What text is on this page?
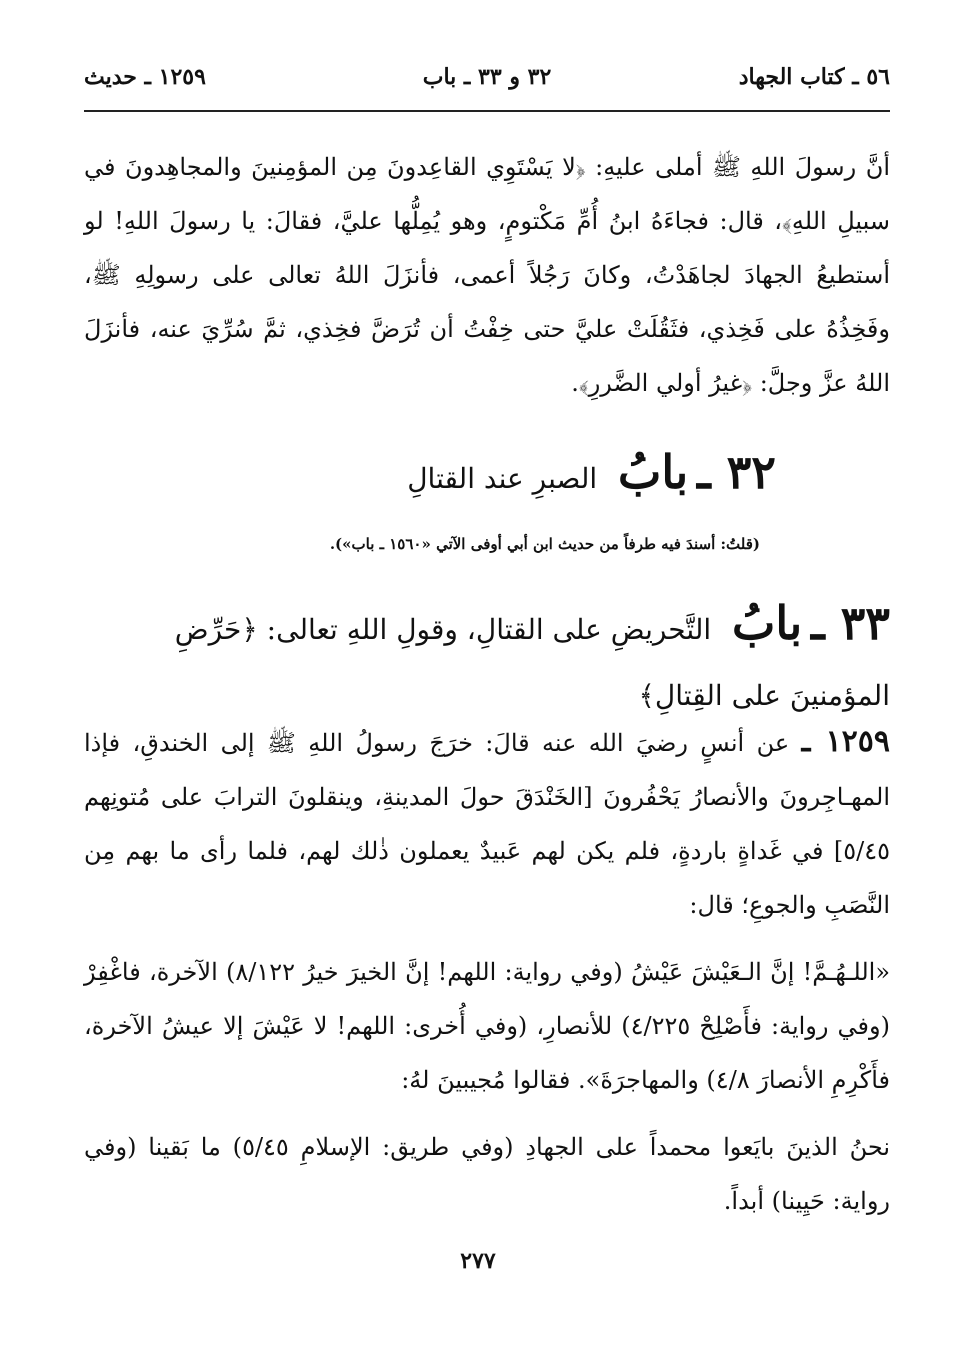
٥٦ ـ كتاب الجهاد
٣٢ و ٣٣ ـ باب
١٢٥٩ ـ حديث
أنَّ رسولَ اللهِ ﷺ أملى عليهِ: ﴿لا يَسْتَوِي القاعِدونَ مِن المؤمِنينَ والمجاهِدونَ في سبيلِ اللهِ﴾، قال: فجاءَهُ ابنُ أُمِّ مَكْتومٍ، وهو يُمِلُّها عليَّ، فقالَ: يا رسولَ اللهِ! لو أستطيعُ الجهادَ لجاهَدْتُ، وكانَ رَجُلاً أعمى، فأنزَلَ اللهُ تعالى على رسولِهِ ﷺ، وفَخِذُهُ على فَخِذي، فثَقُلَتْ عليَّ حتى خِفْتُ أن تُرَضَّ فخِذي، ثمَّ سُرِّيَ عنه، فأنزَلَ اللهُ عزَّ وجلَّ: ﴿غيرُ أولي الضَّررِ﴾.
٣٢ ـ بابُ الصبرِ عند القتالِ
(قلتُ: أسندَ فيه طرفاً من حديث ابن أبي أوفى الآتي «١٥٦٠ ـ باب»).
٣٣ ـ بابُ التَّحريضِ على القتالِ، وقولِ اللهِ تعالى: ﴿حَرِّضِ المؤمنينَ على القِتالِ﴾
١٢٥٩ ـ عن أنسٍ رضيَ الله عنه قالَ: خرَجَ رسولُ اللهِ ﷺ إلى الخندقِ، فإذا المهـاجِرونَ والأنصارُ يَحْفُرونَ [الخَنْدَقَ حولَ المدينةِ، وينقلونَ الترابَ على مُتونِهم ٥/٤٥] في غَداةٍ باردةٍ، فلم يكن لهم عَبيدٌ يعملون ذٰلك لهم، فلما رأى ما بهم مِن النَّصَبِ والجوعِ؛ قال:
«اللـهُـمَّ! إنَّ الـعَيْشَ عَيْشُ (وفي رواية: اللهم! إنَّ الخيرَ خيرُ ٨/١٢٢) الآخرة، فاغْفِرْ (وفي رواية: فأَصْلِحْ ٤/٢٢٥) للأنصارِ، (وفي أُخرى: اللهم! لا عَيْشَ إلا عيشُ الآخرة، فأَكْرِمِ الأنصارَ ٤/٨) والمهاجرَةَ». فقالوا مُجيبينَ لهُ:
نحنُ الذينَ بايَعوا محمداً على الجهادِ (وفي طريق: الإسلامِ ٥/٤٥) ما بَقينا (وفي رواية: حَيِينا) أبداً.
٢٧٧
